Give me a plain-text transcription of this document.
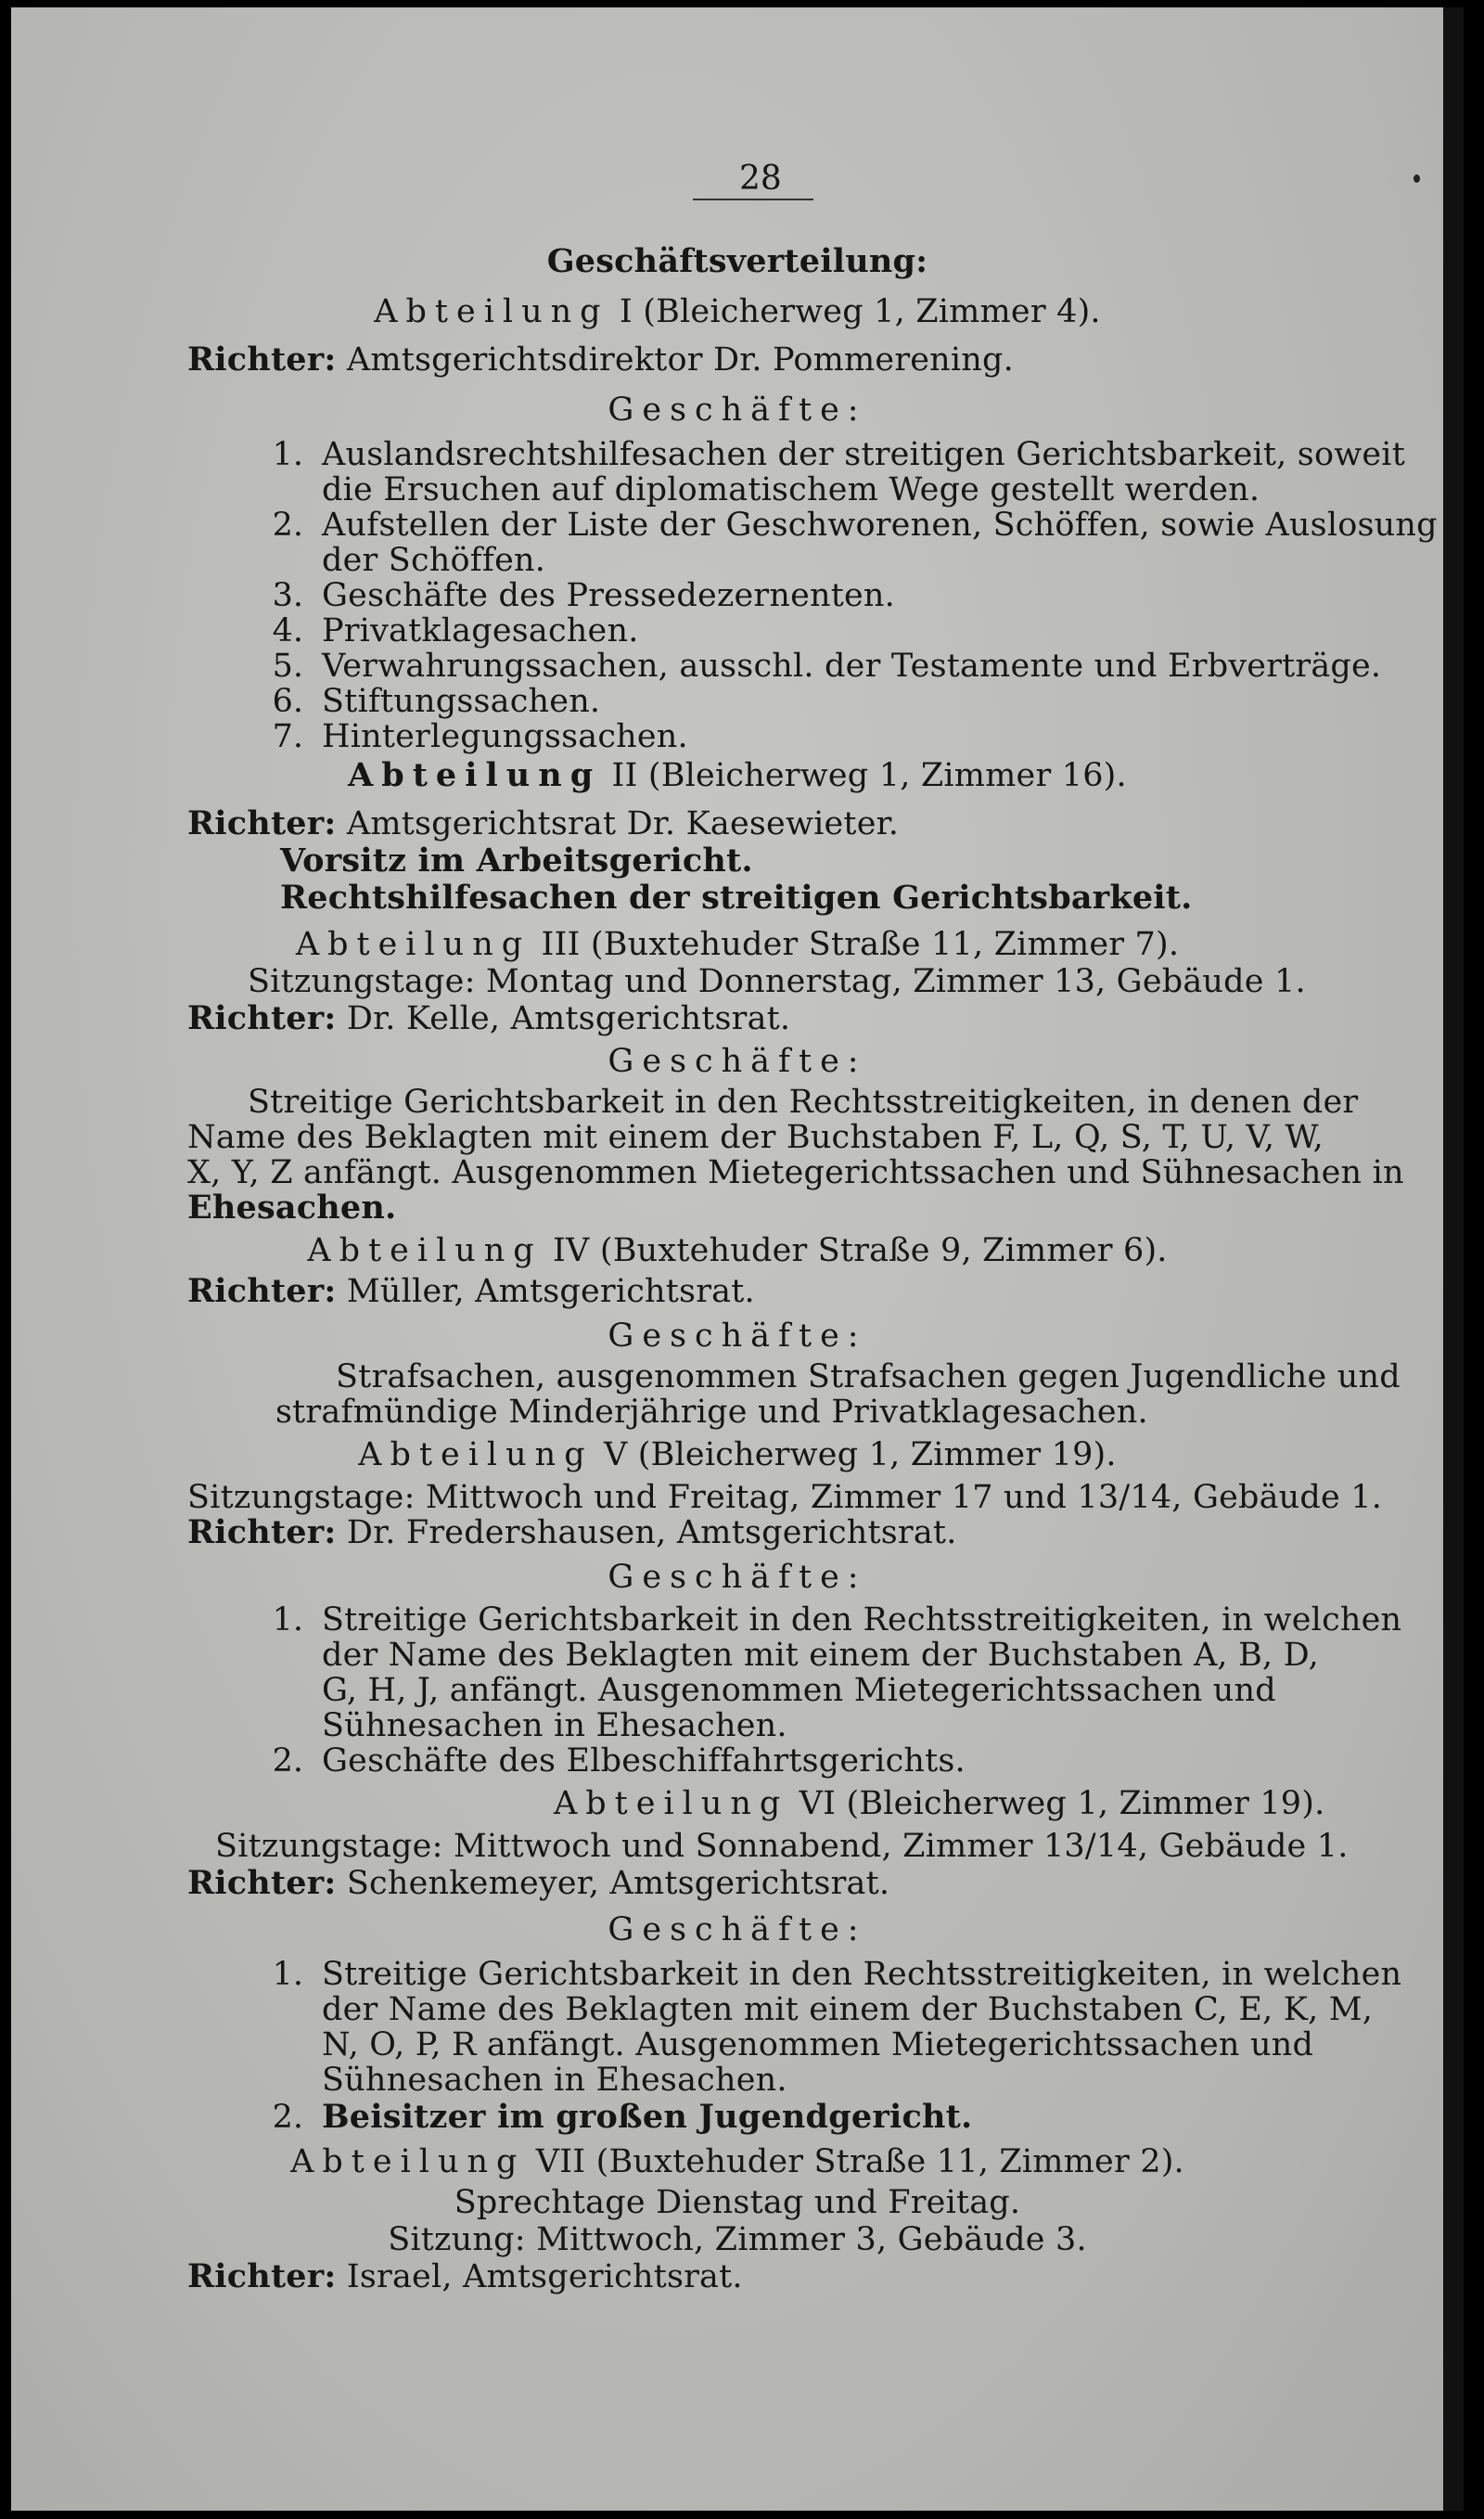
28
Geschäftsverteilung:
Abteilung I (Bleicherweg 1, Zimmer 4).
Richter: Amtsgerichtsdirektor Dr. Pommerening.
Geschäfte:
1. Auslandsrechtshilfesachen der streitigen Gerichtsbarkeit, soweit
die Ersuchen auf diplomatischem Wege gestellt werden.
2. Aufstellen der Liste der Geschworenen, Schöffen, sowie Auslosung
der Schöffen.
3. Geschäfte des Pressedezernenten.
4. Privatklagesachen.
5. Verwahrungssachen, ausschl. der Testamente und Erbverträge.
6. Stiftungssachen.
7. Hinterlegungssachen.
Abteilung II (Bleicherweg 1, Zimmer 16).
Richter: Amtsgerichtsrat Dr. Kaesewieter.
Vorsitz im Arbeitsgericht.
Rechtshilfesachen der streitigen Gerichtsbarkeit.
Abteilung III (Buxtehuder Straße 11, Zimmer 7).
Sitzungstage: Montag und Donnerstag, Zimmer 13, Gebäude 1.
Richter: Dr. Kelle, Amtsgerichtsrat.
Geschäfte:
Streitige Gerichtsbarkeit in den Rechtsstreitigkeiten, in denen der
Name des Beklagten mit einem der Buchstaben F, L, Q, S, T, U, V, W,
X, Y, Z anfängt. Ausgenommen Mietegerichtssachen und Sühnesachen in
Ehesachen.
Abteilung IV (Buxtehuder Straße 9, Zimmer 6).
Richter: Müller, Amtsgerichtsrat.
Geschäfte:
Strafsachen, ausgenommen Strafsachen gegen Jugendliche und
strafmündige Minderjährige und Privatklagesachen.
Abteilung V (Bleicherweg 1, Zimmer 19).
Sitzungstage: Mittwoch und Freitag, Zimmer 17 und 13/14, Gebäude 1.
Richter: Dr. Fredershausen, Amtsgerichtsrat.
Geschäfte:
1. Streitige Gerichtsbarkeit in den Rechtsstreitigkeiten, in welchen
der Name des Beklagten mit einem der Buchstaben A, B, D,
G, H, J, anfängt. Ausgenommen Mietegerichtssachen und
Sühnesachen in Ehesachen.
2. Geschäfte des Elbeschiffahrtsgerichts.
Abteilung VI (Bleicherweg 1, Zimmer 19).
Sitzungstage: Mittwoch und Sonnabend, Zimmer 13/14, Gebäude 1.
Richter: Schenkemeyer, Amtsgerichtsrat.
Geschäfte:
1. Streitige Gerichtsbarkeit in den Rechtsstreitigkeiten, in welchen
der Name des Beklagten mit einem der Buchstaben C, E, K, M,
N, O, P, R anfängt. Ausgenommen Mietegerichtssachen und
Sühnesachen in Ehesachen.
2. Beisitzer im großen Jugendgericht.
Abteilung VII (Buxtehuder Straße 11, Zimmer 2).
Sprechtage Dienstag und Freitag.
Sitzung: Mittwoch, Zimmer 3, Gebäude 3.
Richter: Israel, Amtsgerichtsrat.
